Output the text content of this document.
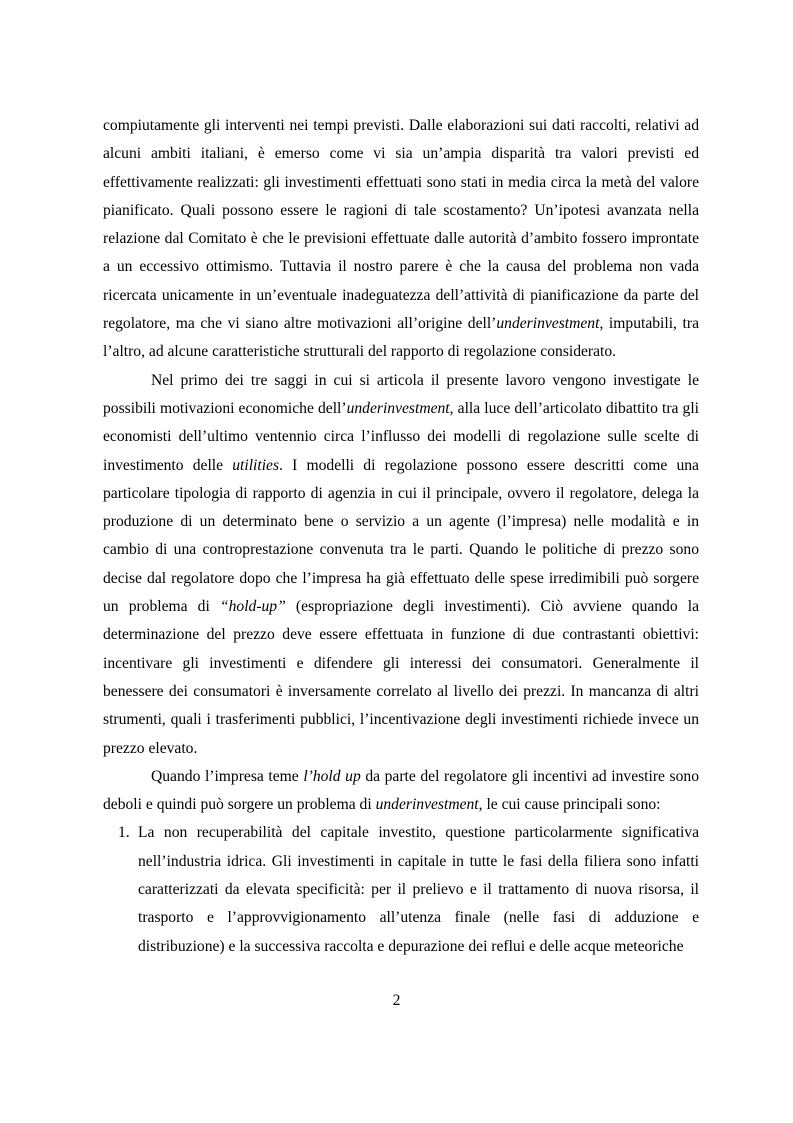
compiutamente gli interventi nei tempi previsti. Dalle elaborazioni sui dati raccolti, relativi ad alcuni ambiti italiani, è emerso come vi sia un’ampia disparità tra valori previsti ed effettivamente realizzati: gli investimenti effettuati sono stati in media circa la metà del valore pianificato. Quali possono essere le ragioni di tale scostamento? Un’ipotesi avanzata nella relazione dal Comitato è che le previsioni effettuate dalle autorità d’ambito fossero improntate a un eccessivo ottimismo. Tuttavia il nostro parere è che la causa del problema non vada ricercata unicamente in un’eventuale inadeguatezza dell’attività di pianificazione da parte del regolatore, ma che vi siano altre motivazioni all’origine dell’underinvestment, imputabili, tra l’altro, ad alcune caratteristiche strutturali del rapporto di regolazione considerato.

Nel primo dei tre saggi in cui si articola il presente lavoro vengono investigate le possibili motivazioni economiche dell’underinvestment, alla luce dell’articolato dibattito tra gli economisti dell’ultimo ventennio circa l’influsso dei modelli di regolazione sulle scelte di investimento delle utilities. I modelli di regolazione possono essere descritti come una particolare tipologia di rapporto di agenzia in cui il principale, ovvero il regolatore, delega la produzione di un determinato bene o servizio a un agente (l’impresa) nelle modalità e in cambio di una controprestazione convenuta tra le parti. Quando le politiche di prezzo sono decise dal regolatore dopo che l’impresa ha già effettuato delle spese irredimibili può sorgere un problema di “hold-up” (espropriazione degli investimenti). Ciò avviene quando la determinazione del prezzo deve essere effettuata in funzione di due contrastanti obiettivi: incentivare gli investimenti e difendere gli interessi dei consumatori. Generalmente il benessere dei consumatori è inversamente correlato al livello dei prezzi. In mancanza di altri strumenti, quali i trasferimenti pubblici, l’incentivazione degli investimenti richiede invece un prezzo elevato.

Quando l’impresa teme l’hold up da parte del regolatore gli incentivi ad investire sono deboli e quindi può sorgere un problema di underinvestment, le cui cause principali sono:

1. La non recuperabilità del capitale investito, questione particolarmente significativa nell’industria idrica. Gli investimenti in capitale in tutte le fasi della filiera sono infatti caratterizzati da elevata specificità: per il prelievo e il trattamento di nuova risorsa, il trasporto e l’approvvigionamento all’utenza finale (nelle fasi di adduzione e distribuzione) e la successiva raccolta e depurazione dei reflui e delle acque meteoriche
2
